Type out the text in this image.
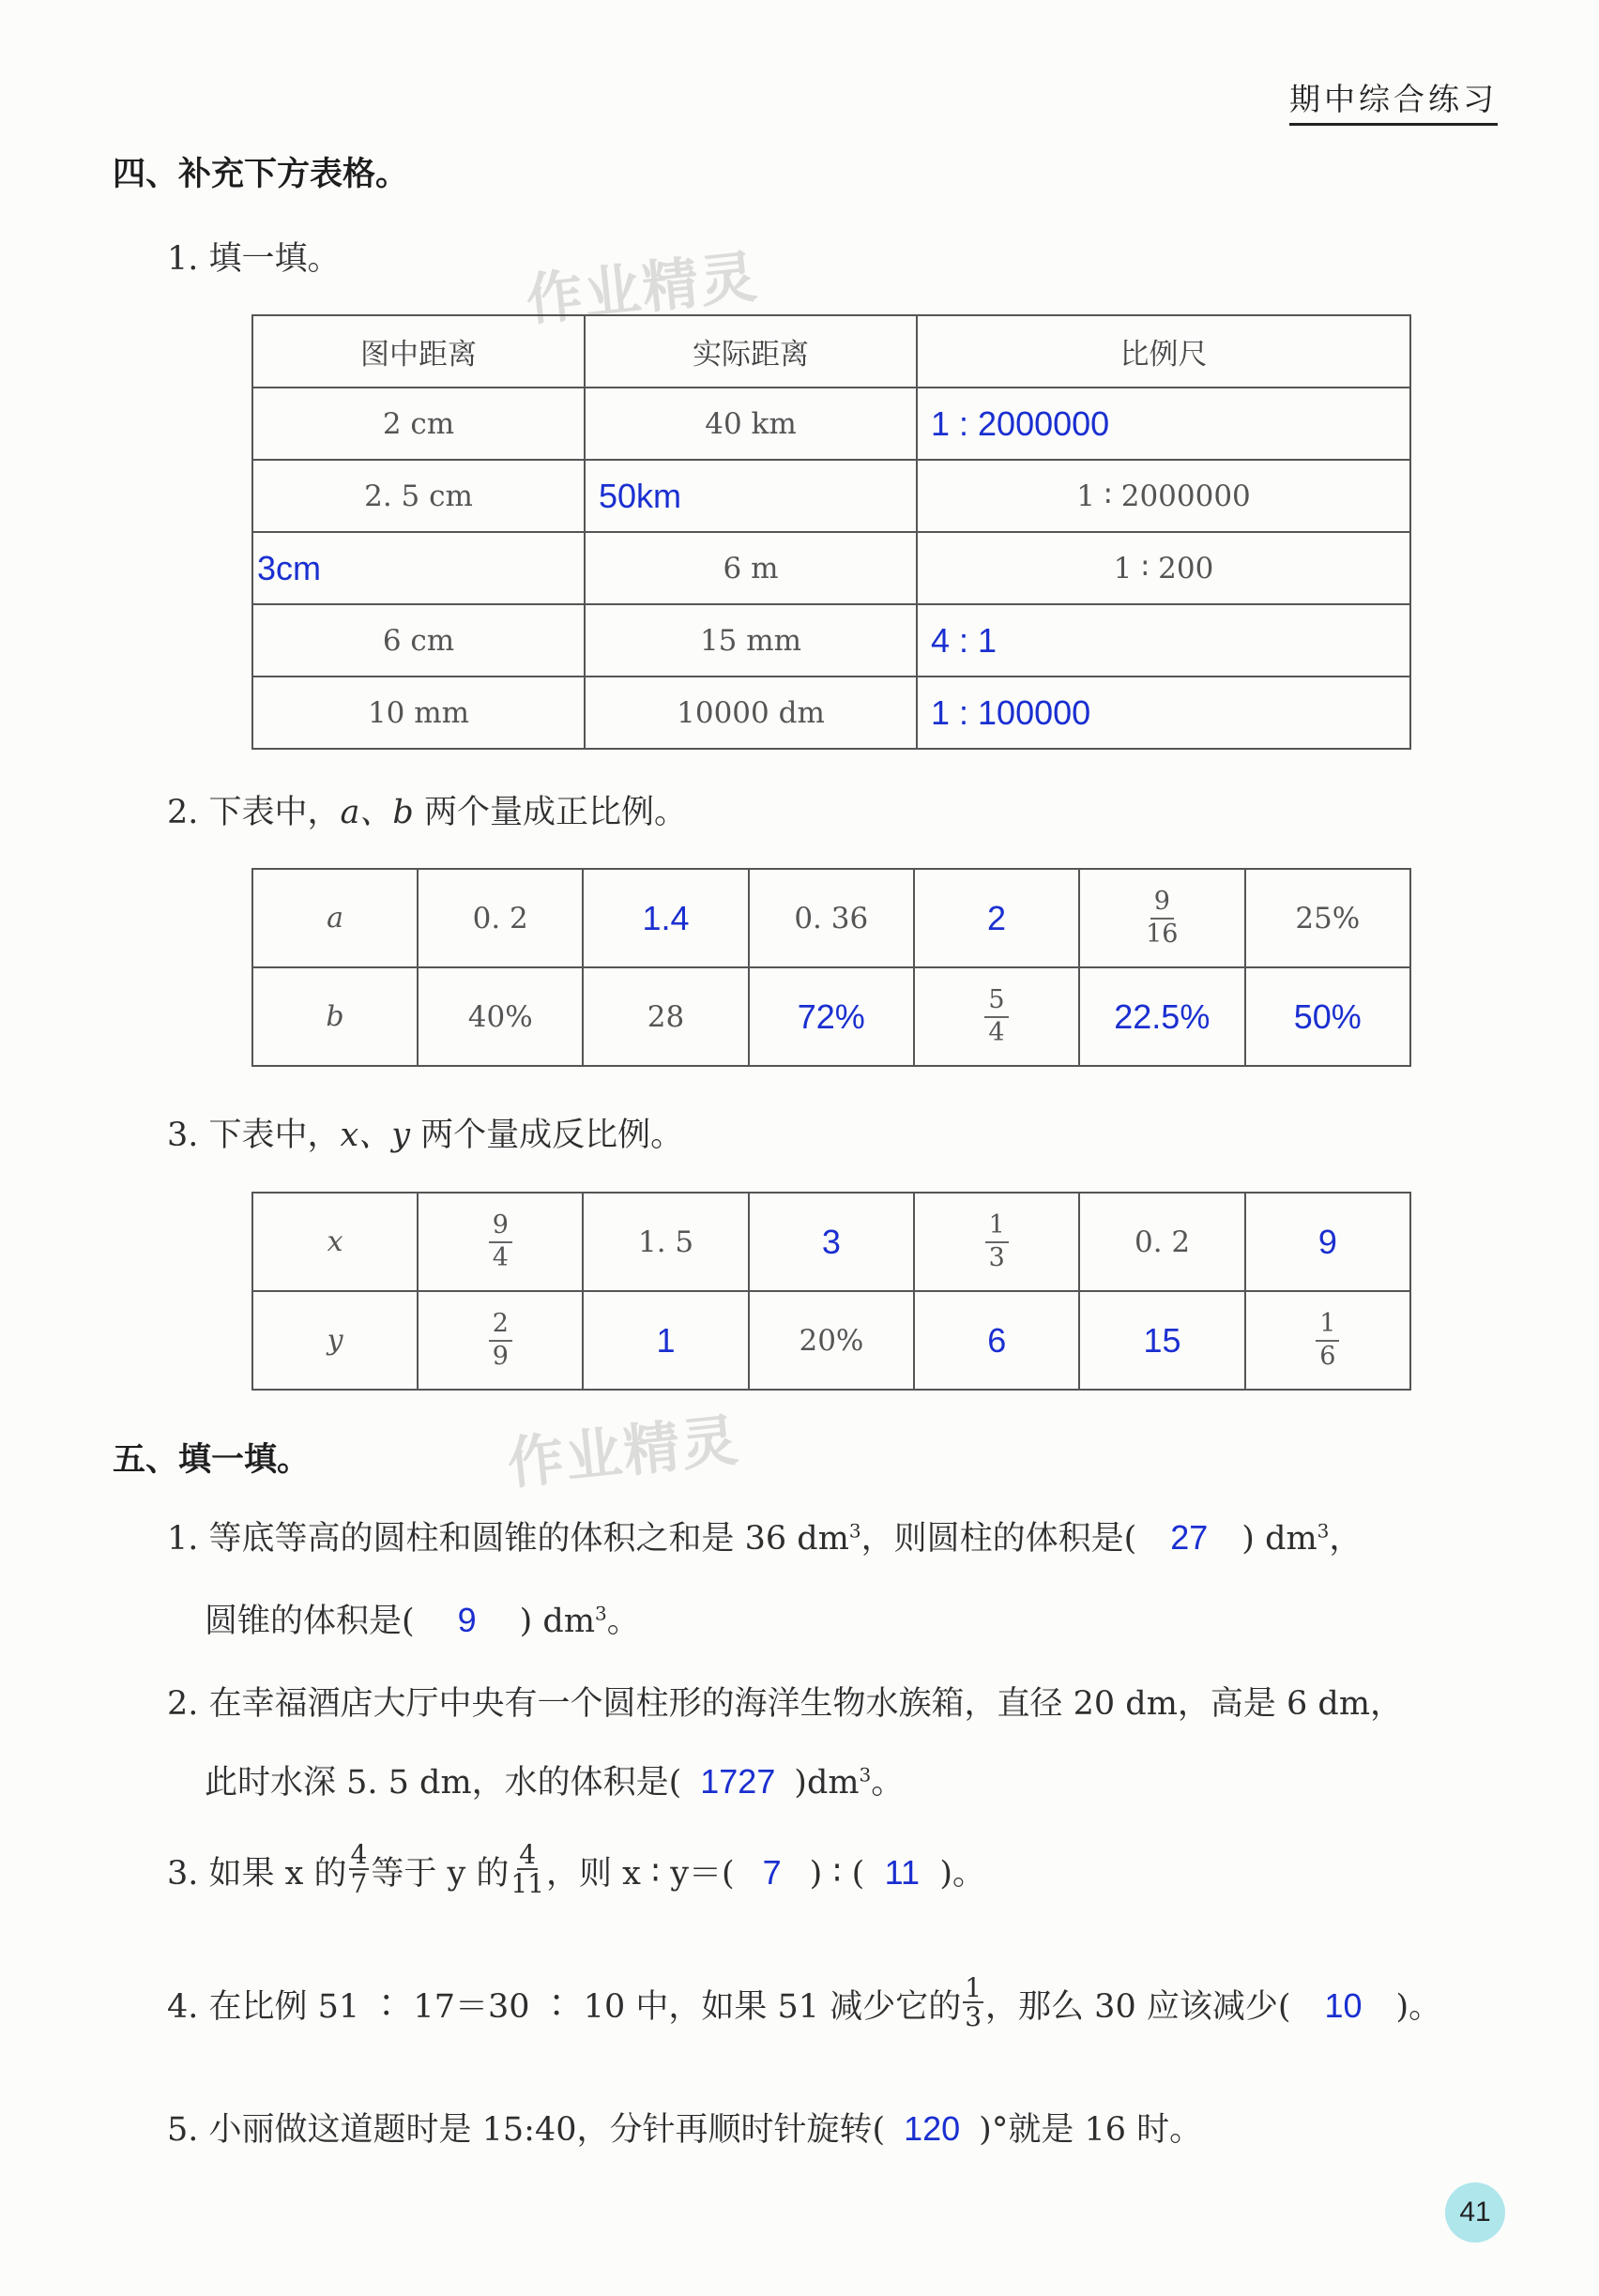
期中综合练习
作业精灵
作业精灵
四、补充下方表格。
1. 填一填。
图中距离	实际距离	比例尺
2 cm	40 km	1 : 2000000
2. 5 cm	50km	1 ∶ 2000000
3cm	6 m	1 ∶ 200
6 cm	15 mm	4 : 1
10 mm	10000 dm	1 : 100000
2. 下表中，a、b 两个量成正比例。
a	0. 2	1.4	0. 36	2	$\frac{9}{16}$	25%
b	40%	28	72%	$\frac{5}{4}$	22.5%	50%
3. 下表中，x、y 两个量成反比例。
x	$\frac{9}{4}$	1. 5	3	$\frac{1}{3}$	0. 2	9
y	$\frac{2}{9}$	1	20%	6	15	$\frac{1}{6}$
五、填一填。
1. 等底等高的圆柱和圆锥的体积之和是 36 $dm^3$，则圆柱的体积是( 27 ) $dm^3$，
圆锥的体积是( 9 ) $dm^3$。
2. 在幸福酒店大厅中央有一个圆柱形的海洋生物水族箱，直径 20 dm，高是 6 dm，
此时水深 5. 5 dm，水的体积是( 1727 )$dm^3$。
3. 如果 x 的 $\frac{4}{7}$ 等于 y 的 $\frac{4}{11}$ ，则 x ∶ y＝( 7 ) ∶ ( 11 )。
4. 在比例 51 ∶ 17＝30 ∶ 10 中，如果 51 减少它的 $\frac{1}{3}$ ，那么 30 应该减少( 10 )。
5. 小丽做这道题时是 15:40，分针再顺时针旋转( 120 )°就是 16 时。
41
